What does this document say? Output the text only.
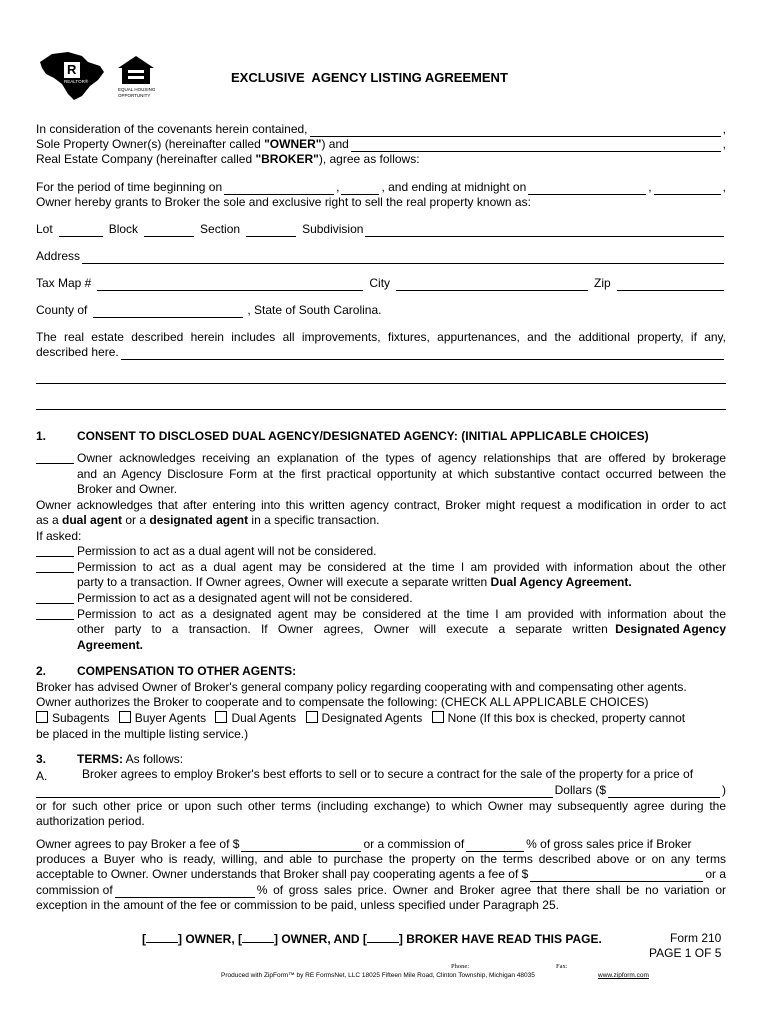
R
REALTOR®
EQUAL HOUSING
OPPORTUNITY
EXCLUSIVE  AGENCY LISTING AGREEMENT
In consideration of the covenants herein contained,	,
Sole Property Owner(s) (hereinafter called "OWNER" ) and	,
Real Estate Company (hereinafter called "BROKER"), agree as follows:
For the period of time beginning on	,	, and ending at midnight on	,	,
Owner hereby grants to Broker the sole and exclusive right to sell the real property known as:
Lot	Block	Section	Subdivision
Address
Tax Map #	City	Zip
County of	, State of South Carolina.
The real estate described herein includes all improvements, fixtures, appurtenances, and the additional property, if any,
described here.
1.	CONSENT TO DISCLOSED DUAL AGENCY/DESIGNATED AGENCY: (INITIAL APPLICABLE CHOICES)
Owner acknowledges receiving an explanation of the types of agency relationships that are offered by brokerage
and an Agency Disclosure Form at the first practical opportunity at which substantive contact occurred between the
Broker and Owner.
Owner acknowledges that after entering into this written agency contract, Broker might request a modification in order to act
as a dual agent or a designated agent in a specific transaction.
If asked:
Permission to act as a dual agent will not be considered.
Permission to act as a dual agent may be considered at the time I am provided with information about the other
party to a transaction. If Owner agrees, Owner will execute a separate written Dual Agency Agreement.
Permission to act as a designated agent will not be considered.
Permission to act as a designated agent may be considered at the time I am provided with information about the
other party to a transaction. If Owner agrees, Owner will execute a separate written Designated Agency
Agreement.
2.	COMPENSATION TO OTHER AGENTS:
Broker has advised Owner of Broker's general company policy regarding cooperating with and compensating other agents.
Owner authorizes the Broker to cooperate and to compensate the following: (CHECK ALL APPLICABLE CHOICES)
Subagents Buyer Agents Dual Agents Designated Agents None (If this box is checked, property cannot
be placed in the multiple listing service.)
3.	TERMS: As follows:
A.	Broker agrees to employ Broker's best efforts to sell or to secure a contract for the sale of the property for a price of
Dollars ($	)
or for such other price or upon such other terms (including exchange) to which Owner may subsequently agree during the
authorization period.
Owner agrees to pay Broker a fee of $	or a commission of	% of gross sales price if Broker
produces a Buyer who is ready, willing, and able to purchase the property on the terms described above or on any terms
acceptable to Owner. Owner understands that Broker shall pay cooperating agents a fee of $	or a
commission of	% of gross sales price. Owner and Broker agree that there shall be no variation or
exception in the amount of the fee or commission to be paid, unless specified under Paragraph 25.
[	] OWNER, [	] OWNER, AND [	] BROKER HAVE READ THIS PAGE.	Form 210
PAGE 1 OF 5
Phone:	Fax:
Produced with ZipForm™ by RE FormsNet, LLC 18025 Fifteen Mile Road, Clinton Township, Michigan 48035	www.zipform.com
